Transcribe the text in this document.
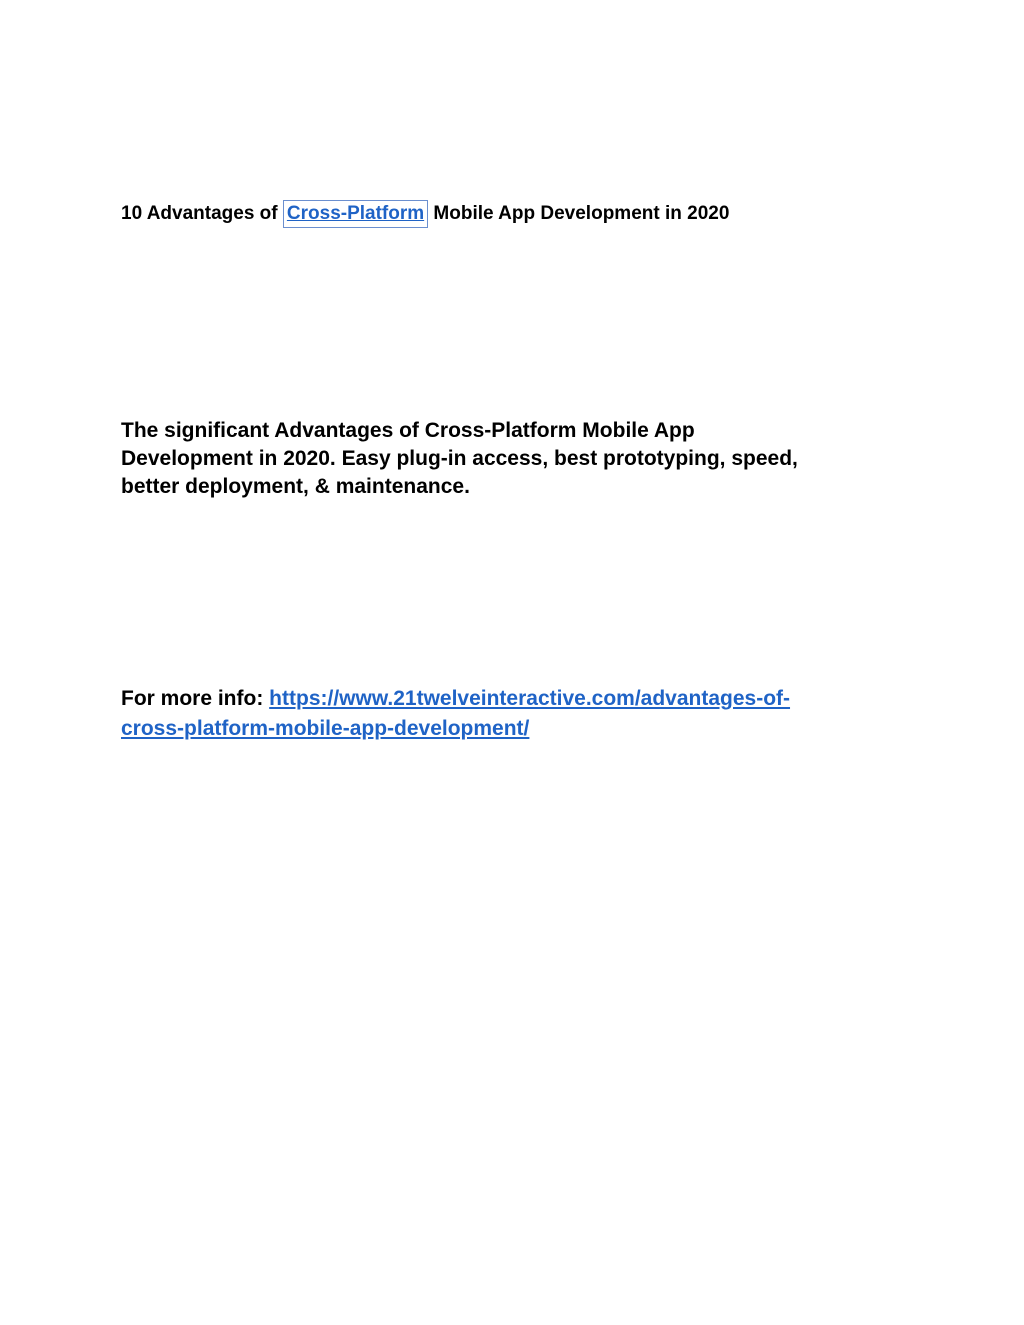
10 Advantages of Cross-Platform Mobile App Development in 2020

The significant Advantages of Cross-Platform Mobile App
Development in 2020. Easy plug-in access, best prototyping, speed,
better deployment, & maintenance.

For more info: https://www.21twelveinteractive.com/advantages-of-
cross-platform-mobile-app-development/
